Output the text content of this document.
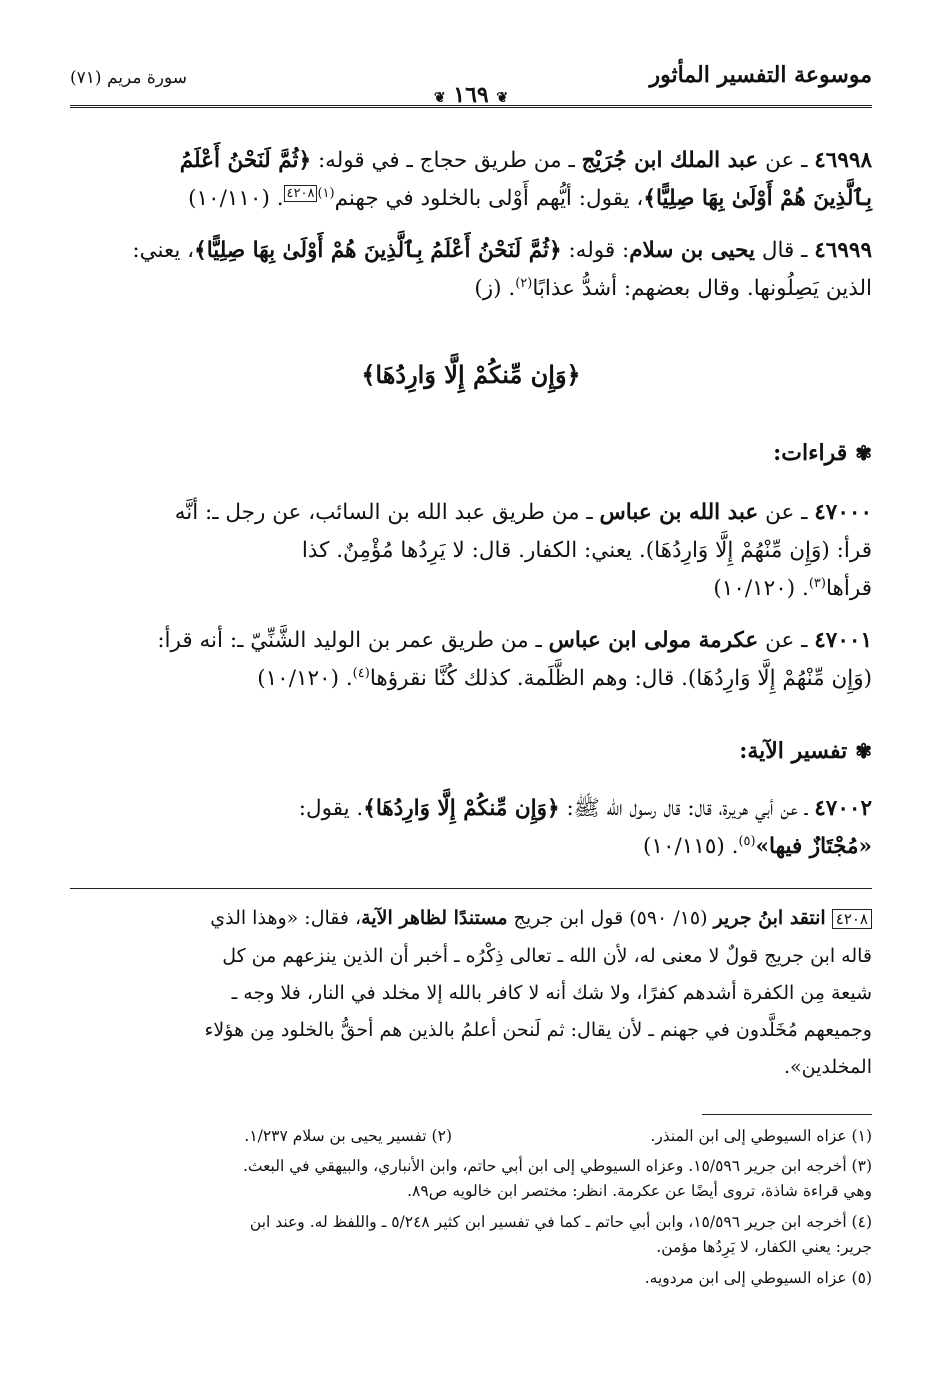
موسوعة التفسير المأثور
❦ ١٦٩ ❦
سورة مريم (٧١)
٤٦٩٩٨ ـ عن عبد الملك ابن جُرَيْج ـ من طريق حجاج ـ في قوله: ﴿ثُمَّ لَنَحْنُ أَعْلَمُ
بِٱلَّذِينَ هُمْ أَوْلَىٰ بِهَا صِلِيًّا﴾، يقول: أيُّهم أَوْلى بالخلود في جهنم$^{(١)٤٢٠٨}$. (١٠/١١٠)
٤٦٩٩٩ ـ قال يحيى بن سلام: قوله: ﴿ثُمَّ لَنَحْنُ أَعْلَمُ بِٱلَّذِينَ هُمْ أَوْلَىٰ بِهَا صِلِيًّا﴾، يعني:
الذين يَصِلُونها. وقال بعضهم: أشدُّ عذابًا$^{(٢)}$. (ز)
﴿وَإِن مِّنكُمْ إِلَّا وَارِدُهَا﴾
✾قراءات:
٤٧٠٠٠ ـ عن عبد الله بن عباس ـ من طريق عبد الله بن السائب، عن رجل ـ: أنَّه
قرأ: (وَإِن مِّنْهُمْ إِلَّا وَارِدُهَا). يعني: الكفار. قال: لا يَرِدُها مُؤْمِنٌ. كذا
قرأها$^{(٣)}$. (١٠/١٢٠)
٤٧٠٠١ ـ عن عكرمة مولى ابن عباس ـ من طريق عمر بن الوليد الشَّنِّيّ ـ: أنه قرأ:
(وَإِن مِّنْهُمْ إِلَّا وَارِدُهَا). قال: وهم الظَّلَمة. كذلك كُنَّا نقرؤها$^{(٤)}$. (١٠/١٢٠)
✾تفسير الآية:
٤٧٠٠٢ ـ عن أبي هريرة، قال: قال رسول الله ﷺ: ﴿وَإِن مِّنكُمْ إِلَّا وَارِدُهَا﴾. يقول:
«مُجْتَازٌ فيها»$^{(٥)}$. (١٠/١١٥)
٤٢٠٨ انتقد ابنُ جرير (١٥/ ٥٩٠) قول ابن جريج مستندًا لظاهر الآية، فقال: «وهذا الذي
قاله ابن جريج قولٌ لا معنى له، لأن الله ـ تعالى ذِكْرُه ـ أخبر أن الذين ينزعهم من كل
شيعة مِن الكفرة أشدهم كفرًا، ولا شك أنه لا كافر بالله إلا مخلد في النار، فلا وجه ـ
وجميعهم مُخَلَّدون في جهنم ـ لأن يقال: ثم لَنحن أعلمُ بالذين هم أحقُّ بالخلود مِن هؤلاء
المخلدين».
(١) عزاه السيوطي إلى ابن المنذر.
(٢) تفسير يحيى بن سلام ١/٢٣٧.
(٣) أخرجه ابن جرير ١٥/٥٩٦. وعزاه السيوطي إلى ابن أبي حاتم، وابن الأنباري، والبيهقي في البعث.
وهي قراءة شاذة، تروى أيضًا عن عكرمة. انظر: مختصر ابن خالويه ص٨٩.
(٤) أخرجه ابن جرير ١٥/٥٩٦، وابن أبي حاتم ـ كما في تفسير ابن كثير ٥/٢٤٨ ـ واللفظ له. وعند ابن
جرير: يعني الكفار، لا يَرِدُها مؤمن.
(٥) عزاه السيوطي إلى ابن مردويه.
